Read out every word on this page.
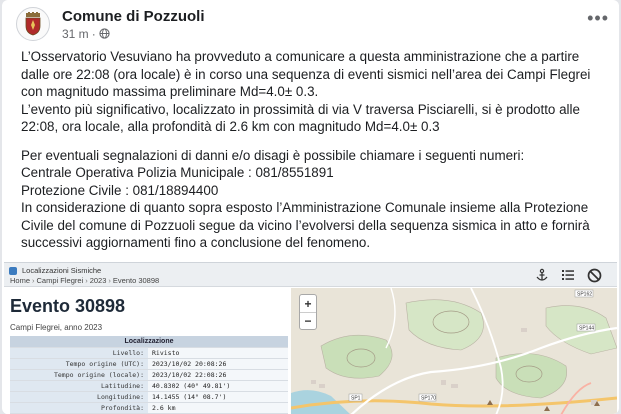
Comune di Pozzuoli
31 m ·
•••

L’Osservatorio Vesuviano ha provveduto a comunicare a questa amministrazione che a partire

dalle ore 22:08 (ora locale) è in corso una sequenza di eventi sismici nell’area dei Campi Flegrei

con magnitudo massima preliminare Md=4.0± 0.3.

L’evento più significativo, localizzato in prossimità di via V traversa Pisciarelli, si è prodotto alle

22:08, ora locale, alla profondità di 2.6 km con magnitudo Md=4.0± 0.3

Per eventuali segnalazioni di danni e/o disagi è possibile chiamare i seguenti numeri:

Centrale Operativa Polizia Municipale : 081/8551891

Protezione Civile : 081/18894400

In considerazione di quanto sopra esposto l’Amministrazione Comunale insieme alla Protezione

Civile del comune di Pozzuoli segue da vicino l’evolversi della sequenza sismica in atto e fornirà

successivi aggiornamenti fino a conclusione del fenomeno.

Localizzazioni Sismiche
Home › Campi Flegrei › 2023 › Evento 30898
Evento 30898
Campi Flegrei, anno 2023
Localizzazione	
Livello:	Rivisto
Tempo origine (UTC):	2023/10/02 20:08:26
Tempo origine (locale):	2023/10/02 22:08:26
Latitudine:	40.8302 (40° 49.81')
Longitudine:	14.1455 (14° 08.7')
Profondità:	2.6 km
SP1	SP170
SP162
SP144
+
−
